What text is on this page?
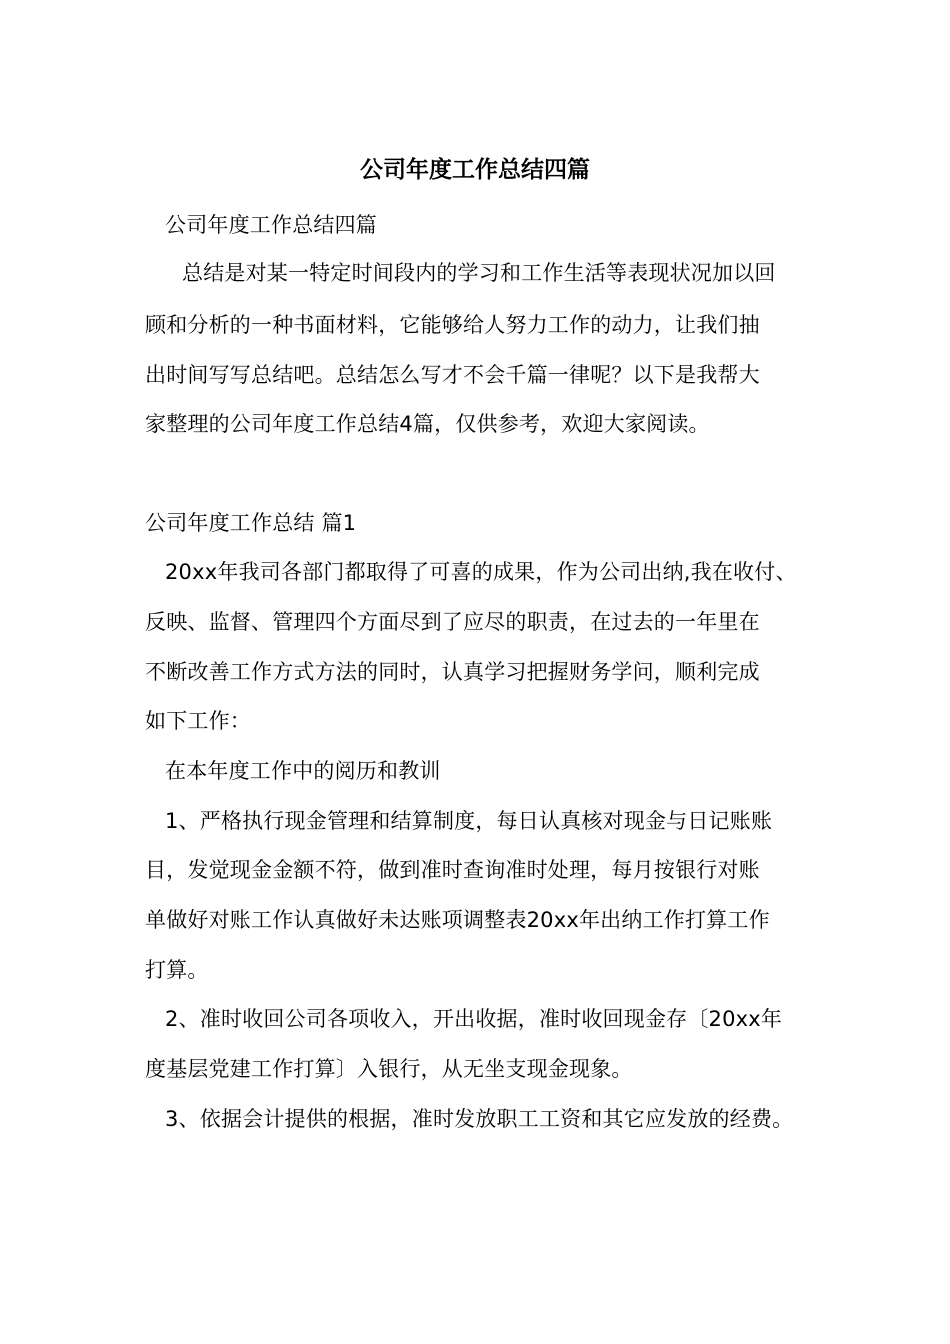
公司年度工作总结四篇
公司年度工作总结四篇
总结是对某一特定时间段内的学习和工作生活等表现状况加以回
顾和分析的一种书面材料，它能够给人努力工作的动力，让我们抽
出时间写写总结吧。总结怎么写才不会千篇一律呢？以下是我帮大
家整理的公司年度工作总结4篇，仅供参考，欢迎大家阅读。
公司年度工作总结 篇1
20xx年我司各部门都取得了可喜的成果，作为公司出纳,我在收付、
反映、监督、管理四个方面尽到了应尽的职责，在过去的一年里在
不断改善工作方式方法的同时，认真学习把握财务学问，顺利完成
如下工作：
在本年度工作中的阅历和教训
1、严格执行现金管理和结算制度，每日认真核对现金与日记账账
目，发觉现金金额不符，做到准时查询准时处理，每月按银行对账
单做好对账工作认真做好未达账项调整表20xx年出纳工作打算工作
打算。
2、准时收回公司各项收入，开出收据，准时收回现金存〔20xx年
度基层党建工作打算〕入银行，从无坐支现金现象。
3、依据会计提供的根据，准时发放职工工资和其它应发放的经费。
